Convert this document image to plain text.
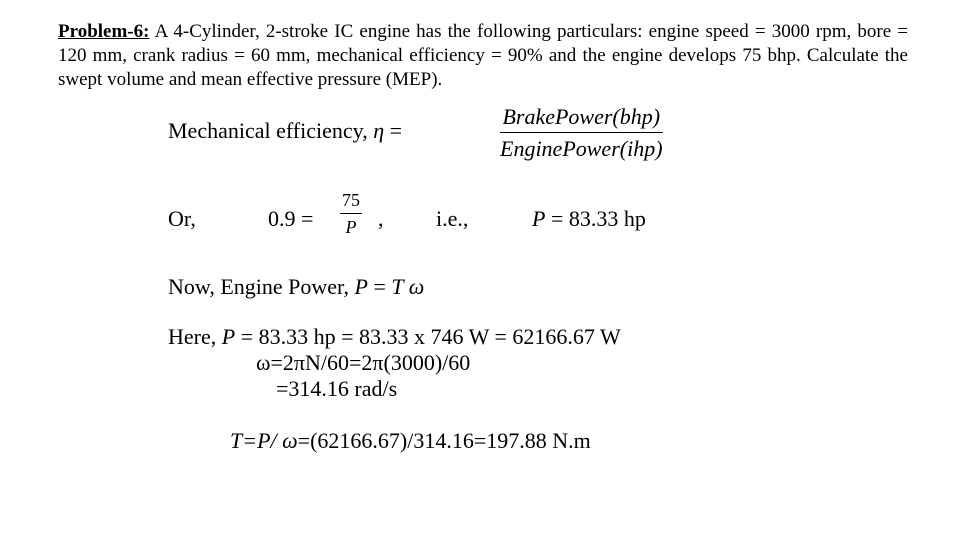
Problem-6: A 4-Cylinder, 2-stroke IC engine has the following particulars: engine speed = 3000 rpm, bore = 120 mm, crank radius = 60 mm, mechanical efficiency = 90% and the engine develops 75 bhp. Calculate the swept volume and mean effective pressure (MEP).
Mechanical efficiency, η =	$\frac{\text{BrakePower(bhp)}}{\text{EnginePower(ihp)}}$
Or,	$0.9 = \frac{75}{P}$ , i.e.,	P = 83.33 hp
Now, Engine Power, P = T ω
Here, P = 83.33 hp = 83.33 x 746 W = 62166.67 W
ω=2πN/60=2π(3000)/60
=314.16 rad/s
T=P/ ω=(62166.67)/314.16=197.88 N.m
